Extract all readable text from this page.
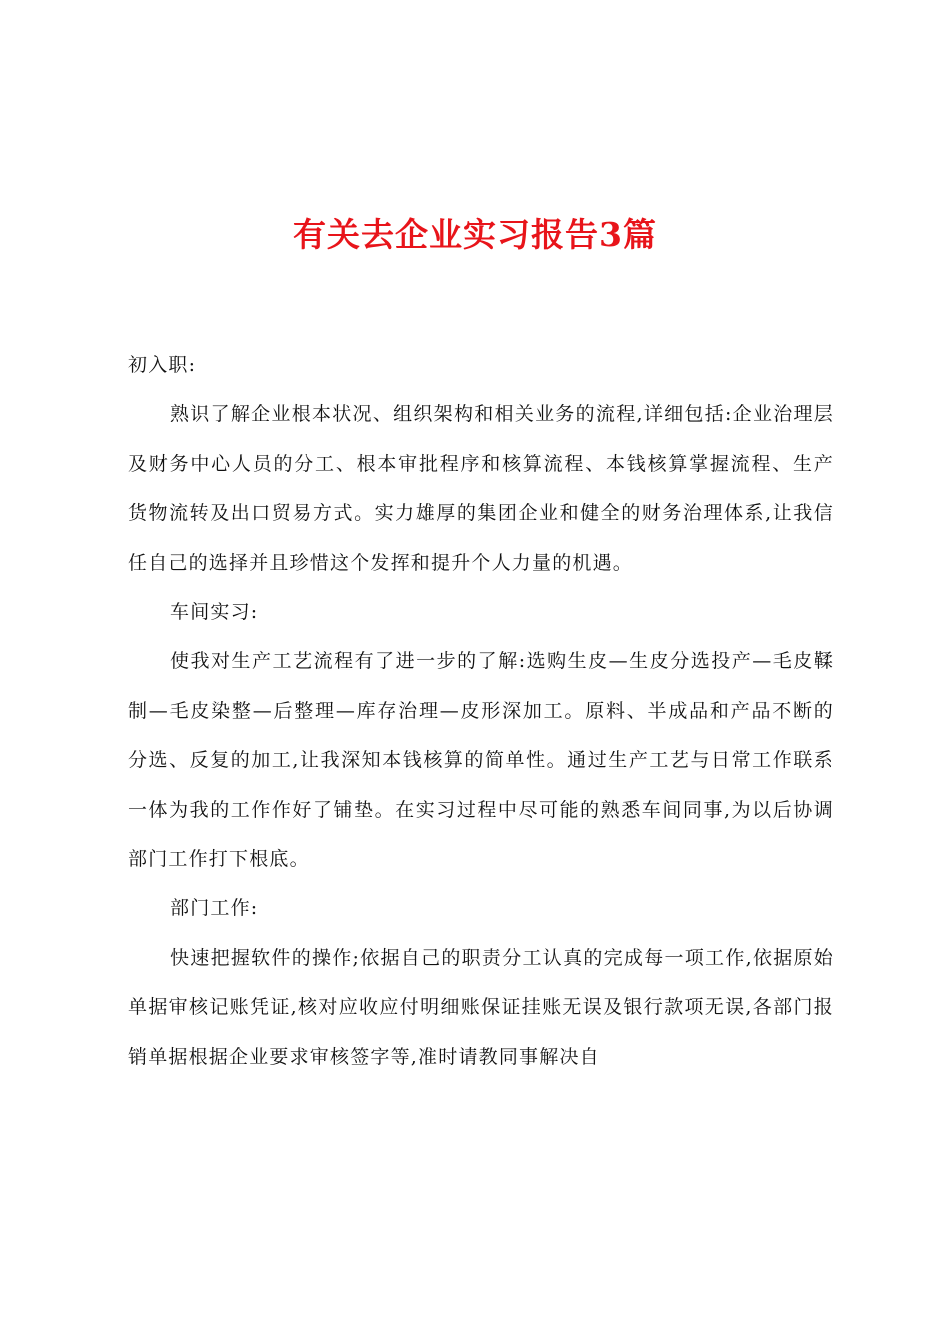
有关去企业实习报告3篇

初入职:

熟识了解企业根本状况、组织架构和相关业务的流程,详细包括:企业治理层及财务中心人员的分工、根本审批程序和核算流程、本钱核算掌握流程、生产货物流转及出口贸易方式。实力雄厚的集团企业和健全的财务治理体系,让我信任自己的选择并且珍惜这个发挥和提升个人力量的机遇。

车间实习:

使我对生产工艺流程有了进一步的了解:选购生皮—生皮分选投产—毛皮鞣制—毛皮染整—后整理—库存治理—皮形深加工。原料、半成品和产品不断的分选、反复的加工,让我深知本钱核算的简单性。通过生产工艺与日常工作联系一体为我的工作作好了铺垫。在实习过程中尽可能的熟悉车间同事,为以后协调部门工作打下根底。

部门工作:

快速把握软件的操作;依据自己的职责分工认真的完成每一项工作,依据原始单据审核记账凭证,核对应收应付明细账保证挂账无误及银行款项无误,各部门报销单据根据企业要求审核签字等,准时请教同事解决自
